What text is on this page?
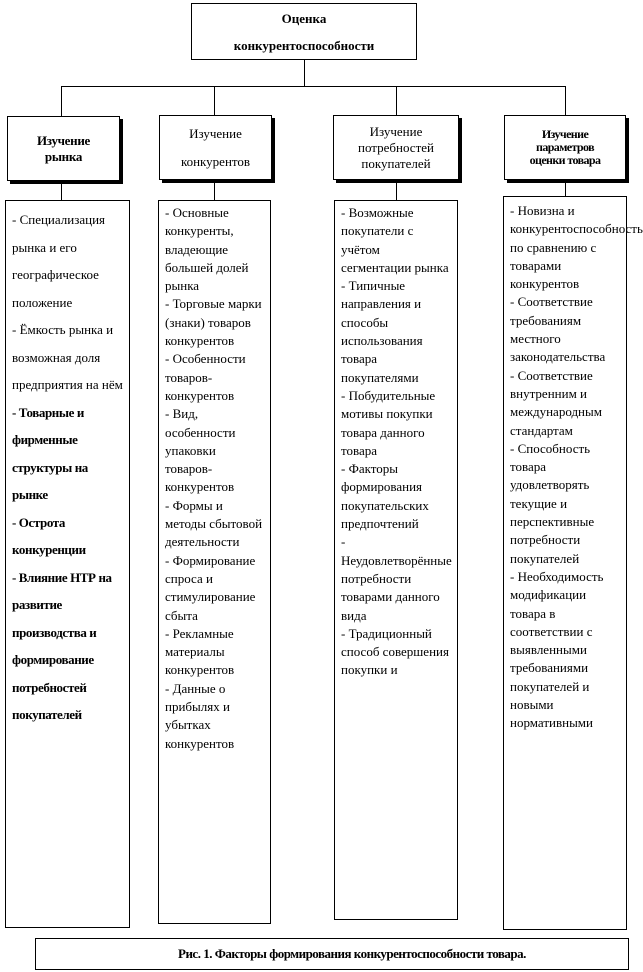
Оценка
конкурентоспособности
Изучение
рынка
Изучение
конкурентов
Изучение
потребностей
покупателей
Изучение
параметров
оценки товара
- Специализация рынка и его географическое положение
- Ёмкость рынка и возможная доля предприятия на нём
- Товарные и фирменные структуры на рынке
- Острота конкуренции
- Влияние НТР на развитие производства и формирование потребностей покупателей
- Основные конкуренты, владеющие большей долей рынка
- Торговые марки (знаки) товаров конкурентов
- Особенности товаров-конкурентов
- Вид, особенности упаковки товаров-конкурентов
- Формы и методы сбытовой деятельности
- Формирование спроса и стимулирование сбыта
- Рекламные материалы конкурентов
- Данные о прибылях и убытках конкурентов
- Возможные покупатели с учётом сегментации рынка
- Типичные направления и способы использования товара покупателями
- Побудительные мотивы покупки товара данного товара
- Факторы формирования покупательских предпочтений
- Неудовлетворённые потребности товарами данного вида
- Традиционный способ совершения покупки и
- Новизна и конкурентоспособность по сравнению с товарами конкурентов
- Соответствие требованиям местного законодательства
- Соответствие внутренним и международным стандартам
- Способность товара удовлетворять текущие и перспективные потребности покупателей
- Необходимость модификации товара в соответствии с выявленными требованиями покупателей и новыми нормативными
Рис. 1. Факторы формирования конкурентоспособности товара.
